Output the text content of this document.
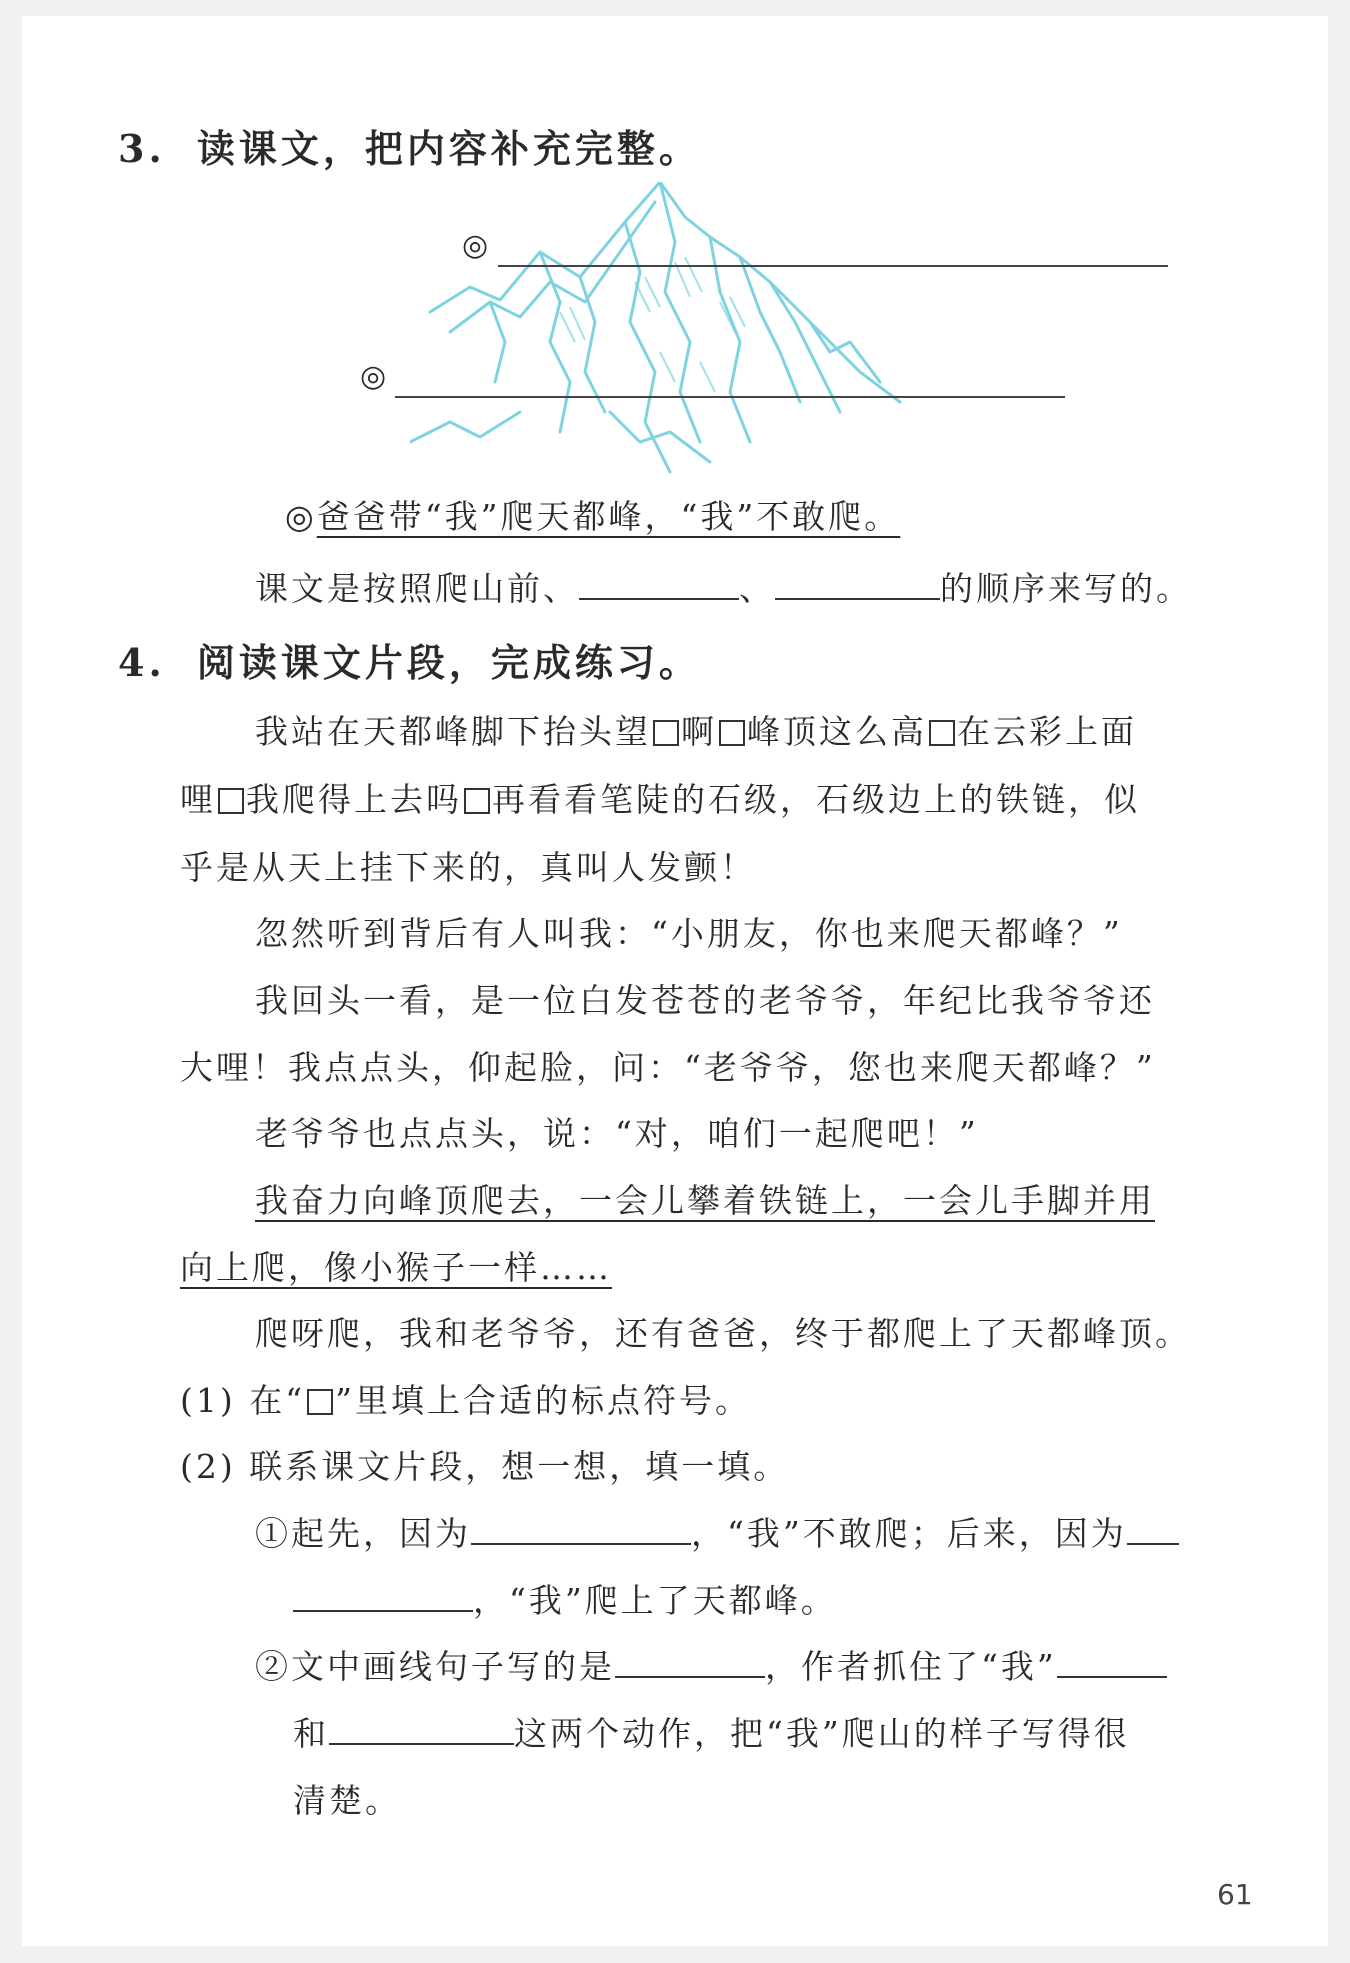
3. 读课文，把内容补充完整。
◎
◎
◎爸爸带“我”爬天都峰，“我”不敢爬。
课文是按照爬山前、	、	的顺序来写的。
4. 阅读课文片段，完成练习。
我站在天都峰脚下抬头望 啊 峰顶这么高 在云彩上面
哩 我爬得上去吗 再看看笔陡的石级，石级边上的铁链，似
乎是从天上挂下来的，真叫人发颤！
忽然听到背后有人叫我：“小朋友，你也来爬天都峰？”
我回头一看，是一位白发苍苍的老爷爷，年纪比我爷爷还
大哩！我点点头，仰起脸，问：“老爷爷，您也来爬天都峰？”
老爷爷也点点头，说：“对，咱们一起爬吧！”
我奋力向峰顶爬去，一会儿攀着铁链上，一会儿手脚并用
向上爬，像小猴子一样……
爬呀爬，我和老爷爷，还有爸爸，终于都爬上了天都峰顶。
(1) 在“ ”里填上合适的标点符号。
(2) 联系课文片段，想一想，填一填。
①起先，因为	，“我”不敢爬；后来，因为
，“我”爬上了天都峰。
②文中画线句子写的是	，作者抓住了“我”
和	这两个动作，把“我”爬山的样子写得很
清楚。
61
